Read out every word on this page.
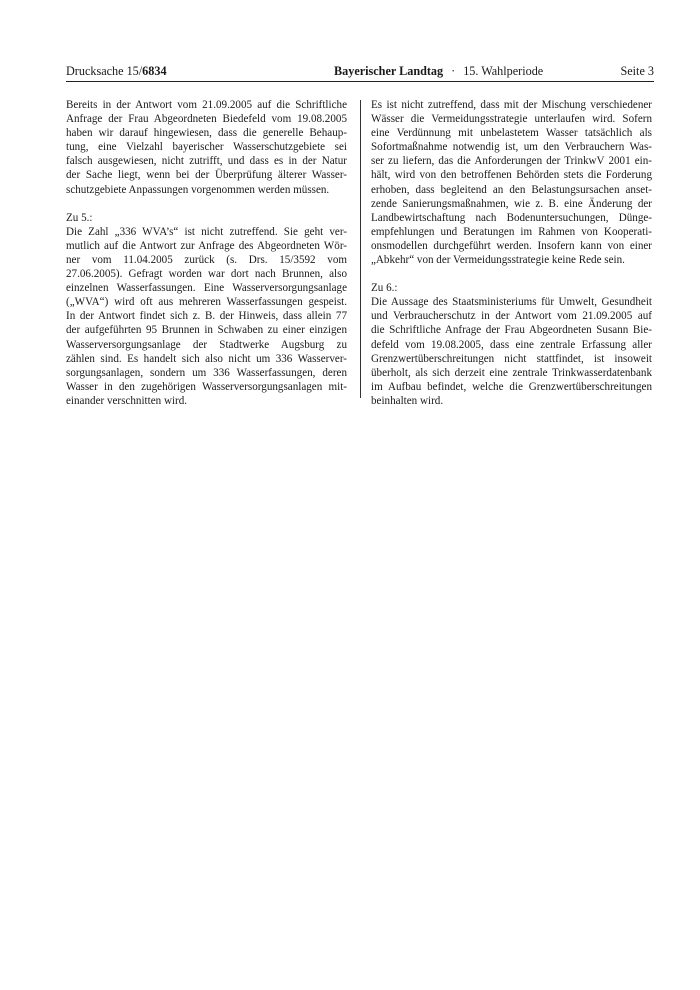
Drucksache 15/6834	Bayerischer Landtag · 15. Wahlperiode	Seite 3

Bereits in der Antwort vom 21.09.2005 auf die Schriftliche
Anfrage der Frau Abgeordneten Biedefeld vom 19.08.2005
haben wir darauf hingewiesen, dass die generelle Behaup-
tung, eine Vielzahl bayerischer Wasserschutzgebiete sei
falsch ausgewiesen, nicht zutrifft, und dass es in der Natur
der Sache liegt, wenn bei der Überprüfung älterer Wasser-
schutzgebiete Anpassungen vorgenommen werden müssen.

Zu 5.:

Die Zahl „336 WVA’s“ ist nicht zutreffend. Sie geht ver-
mutlich auf die Antwort zur Anfrage des Abgeordneten Wör-
ner vom 11.04.2005 zurück (s. Drs. 15/3592 vom
27.06.2005). Gefragt worden war dort nach Brunnen, also
einzelnen Wasserfassungen. Eine Wasserversorgungsanlage
(„WVA“) wird oft aus mehreren Wasserfassungen gespeist.
In der Antwort findet sich z. B. der Hinweis, dass allein 77
der aufgeführten 95 Brunnen in Schwaben zu einer einzigen
Wasserversorgungsanlage der Stadtwerke Augsburg zu
zählen sind. Es handelt sich also nicht um 336 Wasserver-
sorgungsanlagen, sondern um 336 Wasserfassungen, deren
Wasser in den zugehörigen Wasserversorgungsanlagen mit-
einander verschnitten wird.

Es ist nicht zutreffend, dass mit der Mischung verschiedener
Wässer die Vermeidungsstrategie unterlaufen wird. Sofern
eine Verdünnung mit unbelastetem Wasser tatsächlich als
Sofortmaßnahme notwendig ist, um den Verbrauchern Was-
ser zu liefern, das die Anforderungen der TrinkwV 2001 ein-
hält, wird von den betroffenen Behörden stets die Forderung
erhoben, dass begleitend an den Belastungsursachen anset-
zende Sanierungsmaßnahmen, wie z. B. eine Änderung der
Landbewirtschaftung nach Bodenuntersuchungen, Dünge-
empfehlungen und Beratungen im Rahmen von Kooperati-
onsmodellen durchgeführt werden. Insofern kann von einer
„Abkehr“ von der Vermeidungsstrategie keine Rede sein.

Zu 6.:

Die Aussage des Staatsministeriums für Umwelt, Gesundheit
und Verbraucherschutz in der Antwort vom 21.09.2005 auf
die Schriftliche Anfrage der Frau Abgeordneten Susann Bie-
defeld vom 19.08.2005, dass eine zentrale Erfassung aller
Grenzwertüberschreitungen nicht stattfindet, ist insoweit
überholt, als sich derzeit eine zentrale Trinkwasserdatenbank
im Aufbau befindet, welche die Grenzwertüberschreitungen
beinhalten wird.
